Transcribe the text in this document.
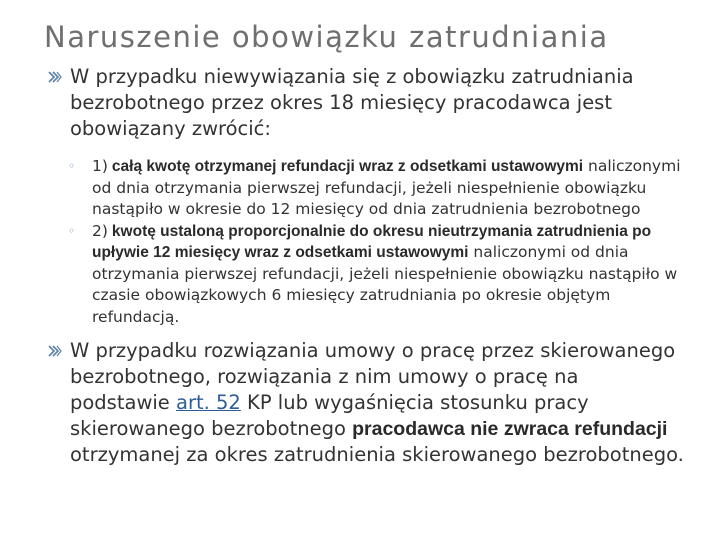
Naruszenie obowiązku zatrudniania
W przypadku niewywiązania się z obowiązku zatrudniania bezrobotnego przez okres 18 miesięcy pracodawca jest obowiązany zwrócić:
◦ 1) całą kwotę otrzymanej refundacji wraz z odsetkami ustawowymi naliczonymi od dnia otrzymania pierwszej refundacji, jeżeli niespełnienie obowiązku nastąpiło w okresie do 12 miesięcy od dnia zatrudnienia bezrobotnego
◦ 2) kwotę ustaloną proporcjonalnie do okresu nieutrzymania zatrudnienia po upływie 12 miesięcy wraz z odsetkami ustawowymi naliczonymi od dnia otrzymania pierwszej refundacji, jeżeli niespełnienie obowiązku nastąpiło w czasie obowiązkowych 6 miesięcy zatrudniania po okresie objętym refundacją.
W przypadku rozwiązania umowy o pracę przez skierowanego bezrobotnego, rozwiązania z nim umowy o pracę na podstawie art. 52 KP lub wygaśnięcia stosunku pracy skierowanego bezrobotnego pracodawca nie zwraca refundacji otrzymanej za okres zatrudnienia skierowanego bezrobotnego.
